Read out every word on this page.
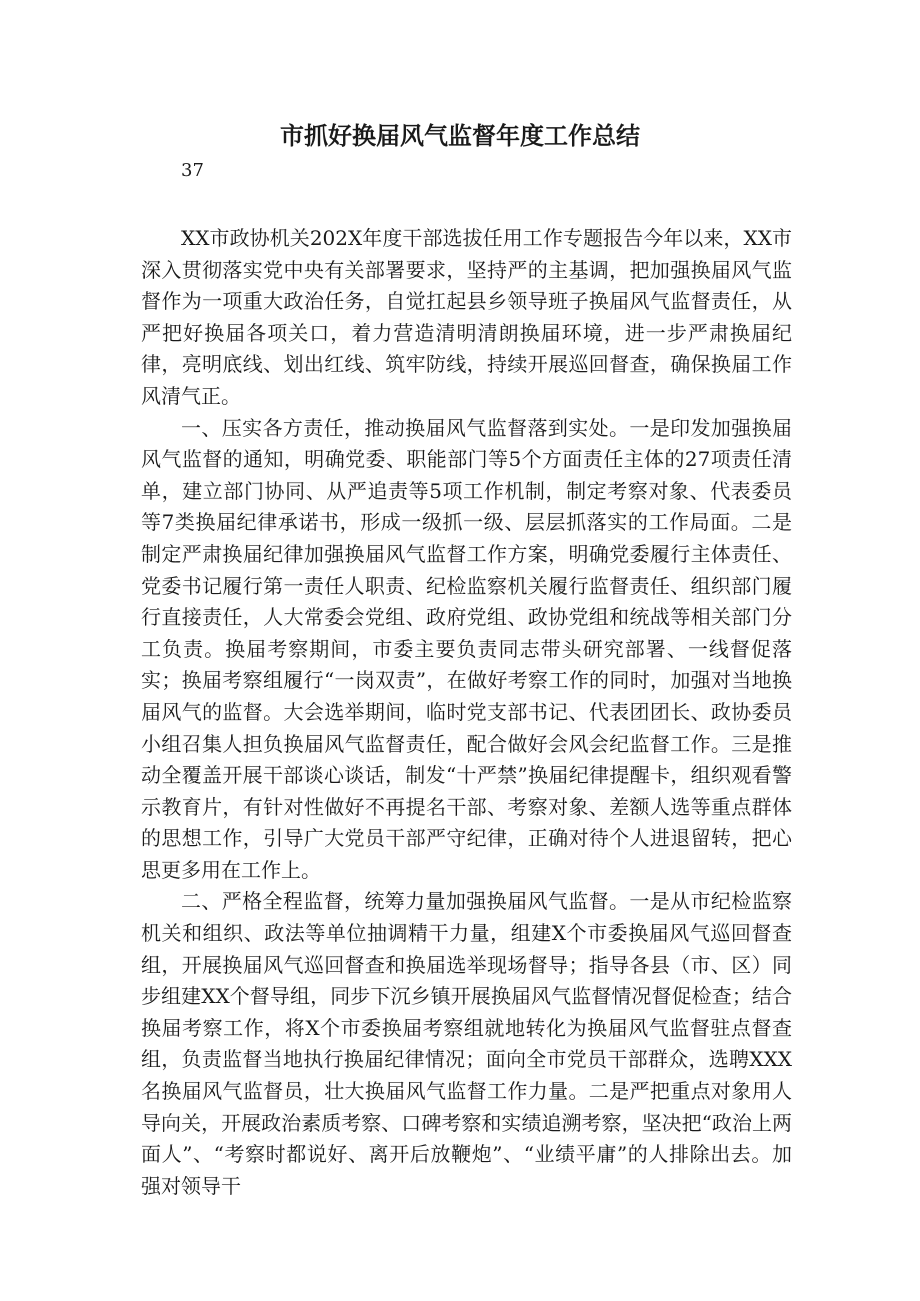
市抓好换届风气监督年度工作总结
37

XX市政协机关202X年度干部选拔任用工作专题报告今年以来，XX市深入贯彻落实党中央有关部署要求，坚持严的主基调，把加强换届风气监督作为一项重大政治任务，自觉扛起县乡领导班子换届风气监督责任，从严把好换届各项关口，着力营造清明清朗换届环境，进一步严肃换届纪律，亮明底线、划出红线、筑牢防线，持续开展巡回督查，确保换届工作风清气正。

一、压实各方责任，推动换届风气监督落到实处。一是印发加强换届风气监督的通知，明确党委、职能部门等5个方面责任主体的27项责任清单，建立部门协同、从严追责等5项工作机制，制定考察对象、代表委员等7类换届纪律承诺书，形成一级抓一级、层层抓落实的工作局面。二是制定严肃换届纪律加强换届风气监督工作方案，明确党委履行主体责任、党委书记履行第一责任人职责、纪检监察机关履行监督责任、组织部门履行直接责任，人大常委会党组、政府党组、政协党组和统战等相关部门分工负责。换届考察期间，市委主要负责同志带头研究部署、一线督促落实；换届考察组履行“一岗双责”，在做好考察工作的同时，加强对当地换届风气的监督。大会选举期间，临时党支部书记、代表团团长、政协委员小组召集人担负换届风气监督责任，配合做好会风会纪监督工作。三是推动全覆盖开展干部谈心谈话，制发“十严禁”换届纪律提醒卡，组织观看警示教育片，有针对性做好不再提名干部、考察对象、差额人选等重点群体的思想工作，引导广大党员干部严守纪律，正确对待个人进退留转，把心思更多用在工作上。

二、严格全程监督，统筹力量加强换届风气监督。一是从市纪检监察机关和组织、政法等单位抽调精干力量，组建X个市委换届风气巡回督查组，开展换届风气巡回督查和换届选举现场督导；指导各县（市、区）同步组建XX个督导组，同步下沉乡镇开展换届风气监督情况督促检查；结合换届考察工作，将X个市委换届考察组就地转化为换届风气监督驻点督查组，负责监督当地执行换届纪律情况；面向全市党员干部群众，选聘XXX名换届风气监督员，壮大换届风气监督工作力量。二是严把重点对象用人导向关，开展政治素质考察、口碑考察和实绩追溯考察，坚决把“政治上两面人”、“考察时都说好、离开后放鞭炮”、“业绩平庸”的人排除出去。加强对领导干
